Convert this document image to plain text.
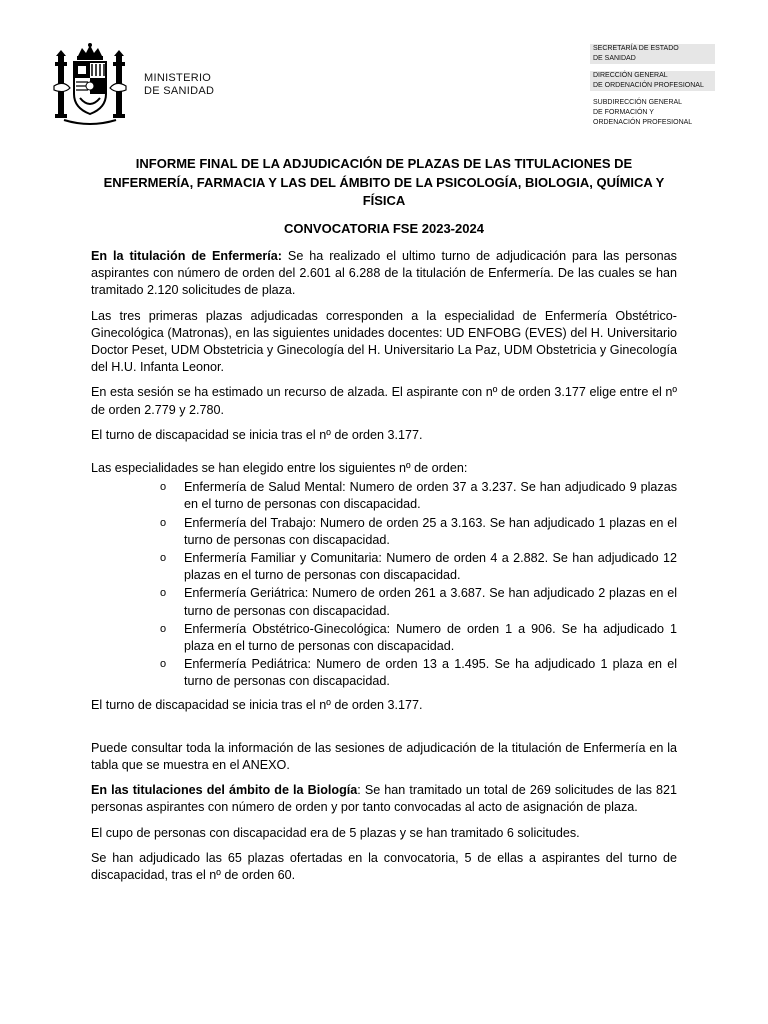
MINISTERIO
DE SANIDAD
SECRETARÍA DE ESTADO
DE SANIDAD
DIRECCIÓN GENERAL
DE ORDENACIÓN PROFESIONAL
SUBDIRECCIÓN GENERAL
DE FORMACIÓN Y
ORDENACIÓN PROFESIONAL
INFORME FINAL DE LA ADJUDICACIÓN DE PLAZAS DE LAS TITULACIONES DE ENFERMERÍA, FARMACIA Y LAS DEL ÁMBITO DE LA PSICOLOGÍA, BIOLOGIA, QUÍMICA Y FÍSICA
CONVOCATORIA FSE 2023-2024

En la titulación de Enfermería: Se ha realizado el ultimo turno de adjudicación para las personas aspirantes con número de orden del 2.601 al 6.288 de la titulación de Enfermería. De las cuales se han tramitado 2.120 solicitudes de plaza.

Las tres primeras plazas adjudicadas corresponden a la especialidad de Enfermería Obstétrico-Ginecológica (Matronas), en las siguientes unidades docentes: UD ENFOBG (EVES) del H. Universitario Doctor Peset, UDM Obstetricia y Ginecología del H. Universitario La Paz, UDM Obstetricia y Ginecología del H.U. Infanta Leonor.

En esta sesión se ha estimado un recurso de alzada. El aspirante con nº de orden 3.177 elige entre el nº de orden 2.779 y 2.780.

El turno de discapacidad se inicia tras el nº de orden 3.177.

Las especialidades se han elegido entre los siguientes nº de orden:

o Enfermería de Salud Mental: Numero de orden 37 a 3.237. Se han adjudicado 9 plazas en el turno de personas con discapacidad.
o Enfermería del Trabajo: Numero de orden 25 a 3.163. Se han adjudicado 1 plazas en el turno de personas con discapacidad.
o Enfermería Familiar y Comunitaria: Numero de orden 4 a 2.882. Se han adjudicado 12 plazas en el turno de personas con discapacidad.
o Enfermería Geriátrica: Numero de orden 261 a 3.687. Se han adjudicado 2 plazas en el turno de personas con discapacidad.
o Enfermería Obstétrico-Ginecológica: Numero de orden 1 a 906. Se ha adjudicado 1 plaza en el turno de personas con discapacidad.
o Enfermería Pediátrica: Numero de orden 13 a 1.495. Se ha adjudicado 1 plaza en el turno de personas con discapacidad.

El turno de discapacidad se inicia tras el nº de orden 3.177.

Puede consultar toda la información de las sesiones de adjudicación de la titulación de Enfermería en la tabla que se muestra en el ANEXO.

En las titulaciones del ámbito de la Biología: Se han tramitado un total de 269 solicitudes de las 821 personas aspirantes con número de orden y por tanto convocadas al acto de asignación de plaza.

El cupo de personas con discapacidad era de 5 plazas y se han tramitado 6 solicitudes.

Se han adjudicado las 65 plazas ofertadas en la convocatoria, 5 de ellas a aspirantes del turno de discapacidad, tras el nº de orden 60.
